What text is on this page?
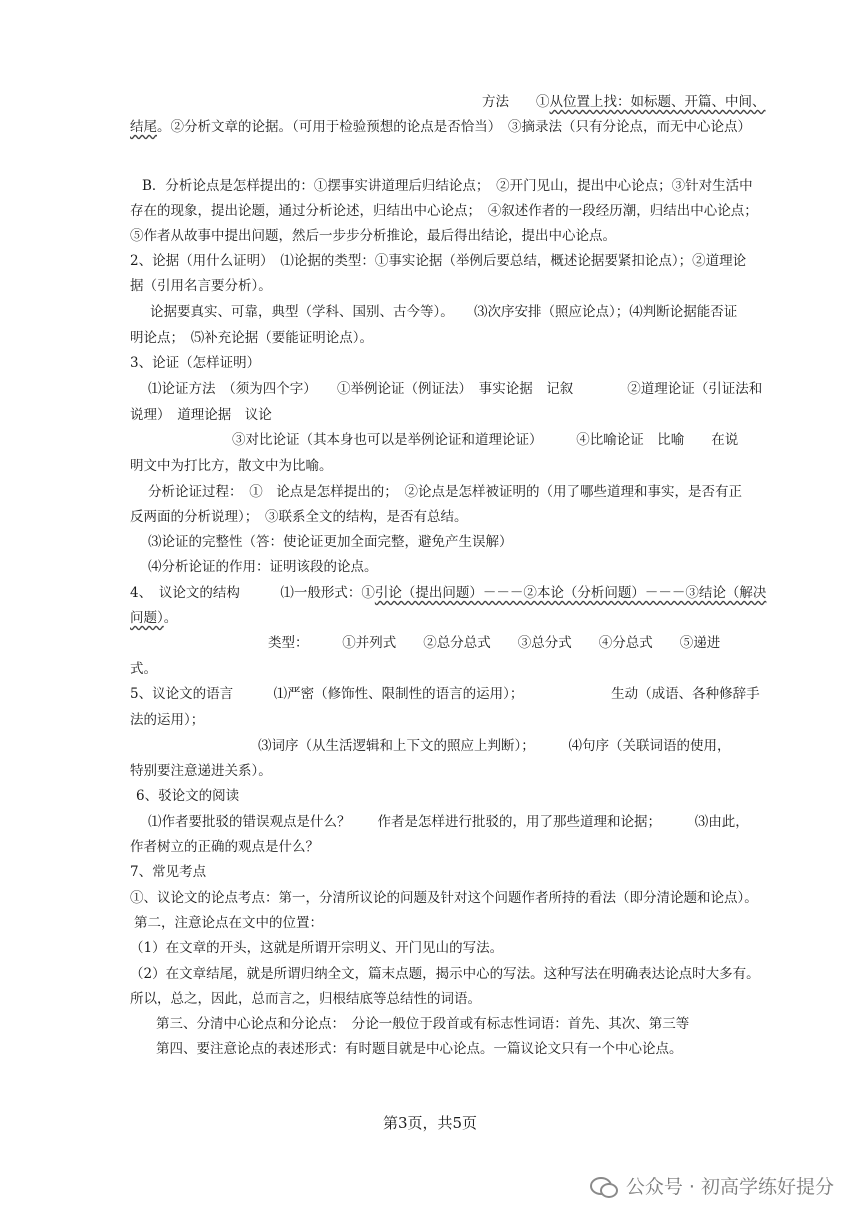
方法　　①从位置上找：如标题、开篇、中间、
结尾。②分析文章的论据。（可用于检验预想的论点是否恰当）　③摘录法（只有分论点，而无中心论点）
B．分析论点是怎样提出的：①摆事实讲道理后归结论点；　②开门见山，提出中心论点；③针对生活中
存在的现象，提出论题，通过分析论述，归结出中心论点；　④叙述作者的一段经历潮，归结出中心论点；
⑤作者从故事中提出问题，然后一步步分析推论，最后得出结论，提出中心论点。
2、论据（用什么证明）　⑴论据的类型：①事实论据（举例后要总结，概述论据要紧扣论点）；②道理论
据（引用名言要分析）。
论据要真实、可靠，典型（学科、国别、古今等）。　　⑶次序安排（照应论点）；⑷判断论据能否证
明论点；　⑸补充论据（要能证明论点）。
3、论证（怎样证明）
⑴论证方法　（须为四个字）　　①举例论证（例证法）　事实论据　记叙　　　　②道理论证（引证法和
说理）　道理论据　议论
③对比论证（其本身也可以是举例论证和道理论证）　　　④比喻论证　比喻　　在说
明文中为打比方，散文中为比喻。
分析论证过程：　①　论点是怎样提出的；　②论点是怎样被证明的（用了哪些道理和事实，是否有正
反两面的分析说理）；　③联系全文的结构，是否有总结。
⑶论证的完整性（答：使论证更加全面完整，避免产生误解）
⑷分析论证的作用：证明该段的论点。
4、　议论文的结构　　　⑴一般形式：①引论（提出问题）－－－②本论（分析问题）－－－③结论（解决
问题）。
类型：　　　①并列式　　②总分总式　　③总分式　　④分总式　　⑤递进
式。
5、议论文的语言　　　⑴严密（修饰性、限制性的语言的运用）；　　　　　　　生动（成语、各种修辞手
法的运用）；
⑶词序（从生活逻辑和上下文的照应上判断）；　　　⑷句序（关联词语的使用，
特别要注意递进关系）。
6、驳论文的阅读
⑴作者要批驳的错误观点是什么？　　作者是怎样进行批驳的，用了那些道理和论据；　　　⑶由此，
作者树立的正确的观点是什么？
7、常见考点
①、议论文的论点考点：第一，分清所议论的问题及针对这个问题作者所持的看法（即分清论题和论点）。
第二，注意论点在文中的位置：
（1）在文章的开头，这就是所谓开宗明义、开门见山的写法。
（2）在文章结尾，就是所谓归纳全文，篇末点题，揭示中心的写法。这种写法在明确表达论点时大多有。
所以，总之，因此，总而言之，归根结底等总结性的词语。
第三、分清中心论点和分论点：　分论一般位于段首或有标志性词语：首先、其次、第三等
第四、要注意论点的表述形式：有时题目就是中心论点。一篇议论文只有一个中心论点。
第3页，共5页
公众号 · 初高学练好提分
